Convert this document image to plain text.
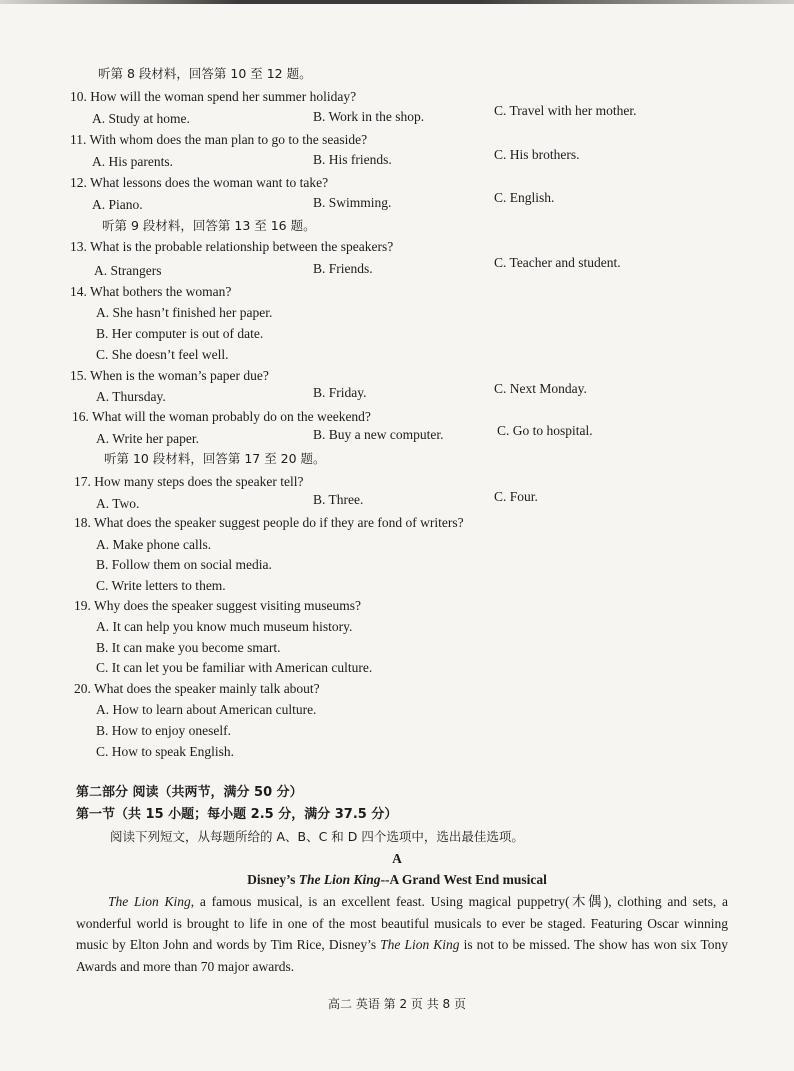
听第 8 段材料，回答第 10 至 12 题。
10. How will the woman spend her summer holiday?
A. Study at home.	B. Work in the shop.	C. Travel with her mother.
11. With whom does the man plan to go to the seaside?
A. His parents.	B. His friends.	C. His brothers.
12. What lessons does the woman want to take?
A. Piano.	B. Swimming.	C. English.
听第 9 段材料，回答第 13 至 16 题。
13. What is the probable relationship between the speakers?
A. Strangers	B. Friends.	C. Teacher and student.
14. What bothers the woman?
A. She hasn’t finished her paper.
B. Her computer is out of date.
C. She doesn’t feel well.
15. When is the woman’s paper due?
A. Thursday.	B. Friday.	C. Next Monday.
16. What will the woman probably do on the weekend?
A. Write her paper.	B. Buy a new computer.	C. Go to hospital.
听第 10 段材料，回答第 17 至 20 题。
17. How many steps does the speaker tell?
A. Two.	B. Three.	C. Four.
18. What does the speaker suggest people do if they are fond of writers?
A. Make phone calls.
B. Follow them on social media.
C. Write letters to them.
19. Why does the speaker suggest visiting museums?
A. It can help you know much museum history.
B. It can make you become smart.
C. It can let you be familiar with American culture.
20. What does the speaker mainly talk about?
A. How to learn about American culture.
B. How to enjoy oneself.
C. How to speak English.
第二部分 阅读（共两节，满分 50 分）
第一节（共 15 小题；每小题 2.5 分，满分 37.5 分）
阅读下列短文，从每题所给的 A、B、C 和 D 四个选项中，选出最佳选项。
A
Disney’s The Lion King--A Grand West End musical
The Lion King, a famous musical, is an excellent feast. Using magical puppetry(木偶), clothing and sets, a wonderful world is brought to life in one of the most beautiful musicals to ever be staged. Featuring Oscar winning music by Elton John and words by Tim Rice, Disney’s The Lion King is not to be missed. The show has won six Tony Awards and more than 70 major awards.
高二 英语 第 2 页 共 8 页
